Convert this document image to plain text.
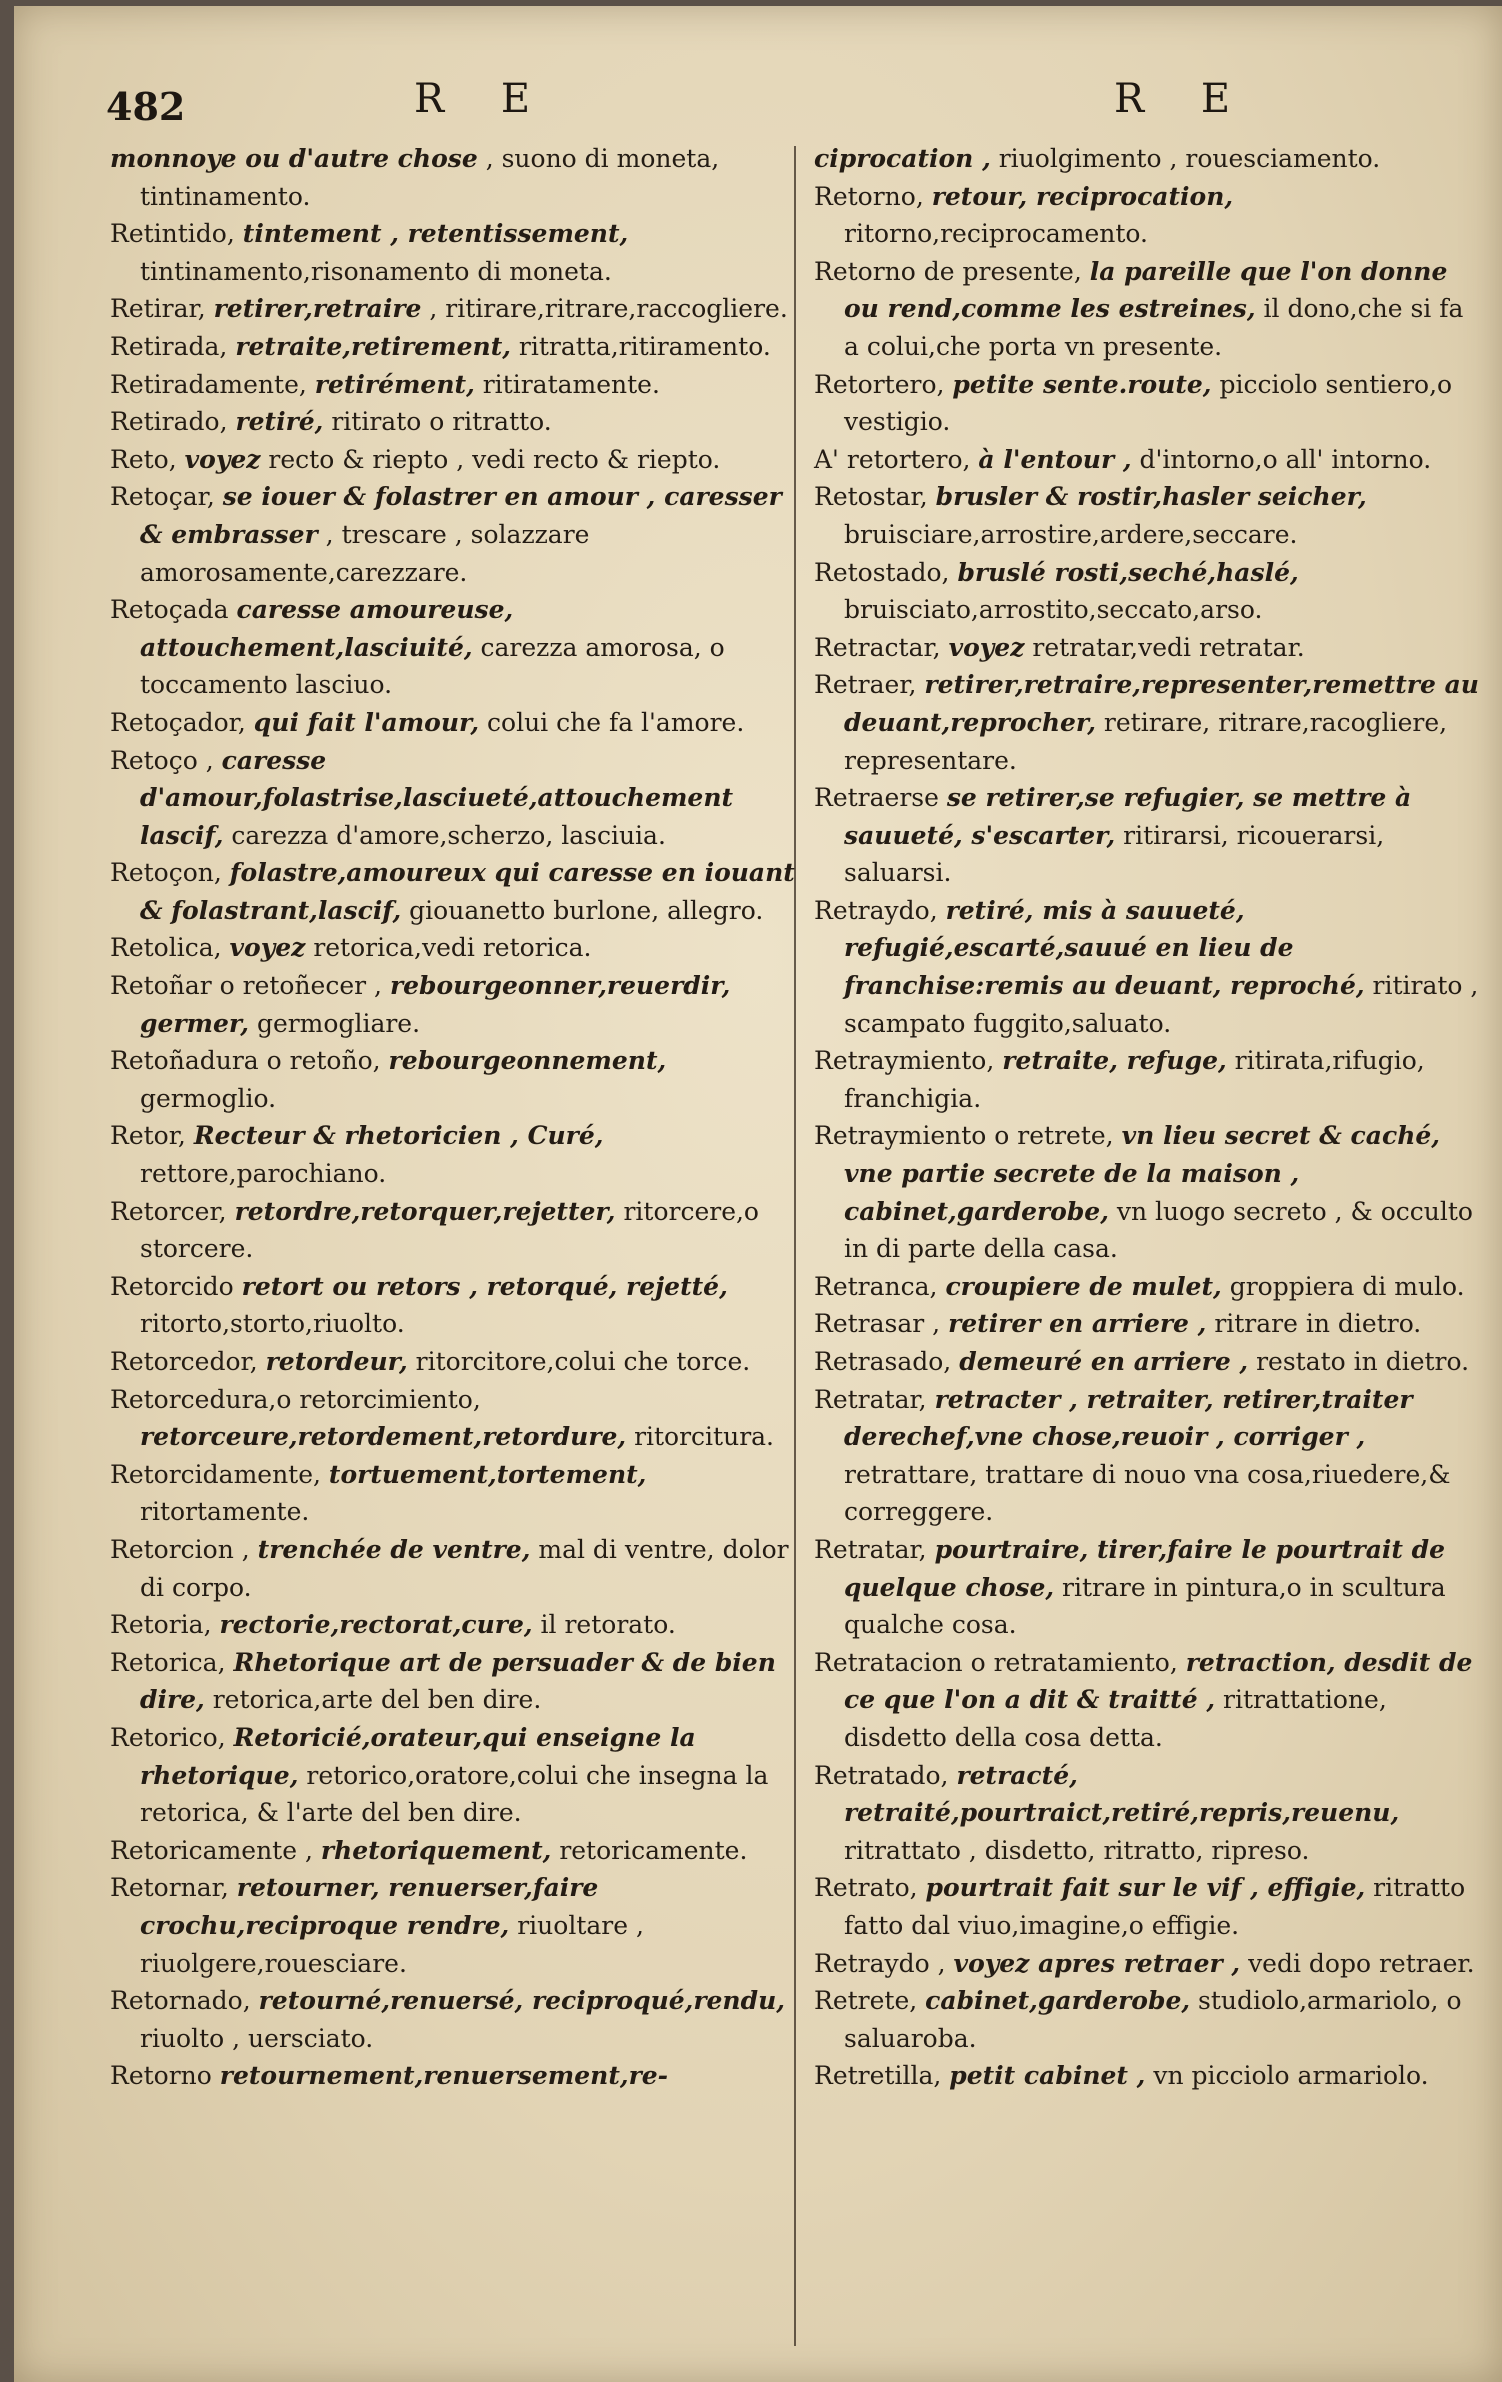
482	R E	R E

monnoye ou d'autre chose , suono di moneta, tintinamento.

Retintido, tintement , retentissement, tintinamento,risonamento di moneta.

Retirar, retirer,retraire , ritirare,ritrare,raccogliere.

Retirada, retraite,retirement, ritratta,ritiramento.

Retiradamente, retirément, ritiratamente.

Retirado, retiré, ritirato o ritratto.

Reto, voyez recto & riepto , vedi recto & riepto.

Retoçar, se iouer & folastrer en amour , caresser & embrasser , trescare , solazzare amorosamente,carezzare.

Retoçada caresse amoureuse, attouchement,lasciuité, carezza amorosa, o toccamento lasciuo.

Retoçador, qui fait l'amour, colui che fa l'amore.

Retoço , caresse d'amour,folastrise,lasciueté,attouchement lascif, carezza d'amore,scherzo, lasciuia.

Retoçon, folastre,amoureux qui caresse en iouant & folastrant,lascif, giouanetto burlone, allegro.

Retolica, voyez retorica,vedi retorica.

Retoñar o retoñecer , rebourgeonner,reuerdir, germer, germogliare.

Retoñadura o retoño, rebourgeonnement, germoglio.

Retor, Recteur & rhetoricien , Curé, rettore,parochiano.

Retorcer, retordre,retorquer,rejetter, ritorcere,o storcere.

Retorcido retort ou retors , retorqué, rejetté, ritorto,storto,riuolto.

Retorcedor, retordeur, ritorcitore,colui che torce.

Retorcedura,o retorcimiento, retorceure,retordement,retordure, ritorcitura.

Retorcidamente, tortuement,tortement, ritortamente.

Retorcion , trenchée de ventre, mal di ventre, dolor di corpo.

Retoria, rectorie,rectorat,cure, il retorato.

Retorica, Rhetorique art de persuader & de bien dire, retorica,arte del ben dire.

Retorico, Retoricié,orateur,qui enseigne la rhetorique, retorico,oratore,colui che insegna la retorica, & l'arte del ben dire.

Retoricamente , rhetoriquement, retoricamente.

Retornar, retourner, renuerser,faire crochu,reciproque rendre, riuoltare , riuolgere,rouesciare.

Retornado, retourné,renuersé, reciproqué,rendu, riuolto , uersciato.

Retorno retournement,renuersement,re-

ciprocation , riuolgimento , rouesciamento.

Retorno, retour, reciprocation, ritorno,reciprocamento.

Retorno de presente, la pareille que l'on donne ou rend,comme les estreines, il dono,che si fa a colui,che porta vn presente.

Retortero, petite sente.route, picciolo sentiero,o vestigio.

A' retortero, à l'entour , d'intorno,o all' intorno.

Retostar, brusler & rostir,hasler seicher, bruisciare,arrostire,ardere,seccare.

Retostado, bruslé rosti,seché,haslé, bruisciato,arrostito,seccato,arso.

Retractar, voyez retratar,vedi retratar.

Retraer, retirer,retraire,representer,remettre au deuant,reprocher, retirare, ritrare,racogliere, representare.

Retraerse se retirer,se refugier, se mettre à sauueté, s'escarter, ritirarsi, ricouerarsi, saluarsi.

Retraydo, retiré, mis à sauueté, refugié,escarté,sauué en lieu de franchise:remis au deuant, reproché, ritirato , scampato fuggito,saluato.

Retraymiento, retraite, refuge, ritirata,rifugio, franchigia.

Retraymiento o retrete, vn lieu secret & caché, vne partie secrete de la maison , cabinet,garderobe, vn luogo secreto , & occulto in di parte della casa.

Retranca, croupiere de mulet, groppiera di mulo.

Retrasar , retirer en arriere , ritrare in dietro.

Retrasado, demeuré en arriere , restato in dietro.

Retratar, retracter , retraiter, retirer,traiter derechef,vne chose,reuoir , corriger , retrattare, trattare di nouo vna cosa,riuedere,& correggere.

Retratar, pourtraire, tirer,faire le pourtrait de quelque chose, ritrare in pintura,o in scultura qualche cosa.

Retratacion o retratamiento, retraction, desdit de ce que l'on a dit & traitté , ritrattatione, disdetto della cosa detta.

Retratado, retracté, retraité,pourtraict,retiré,repris,reuenu, ritrattato , disdetto, ritratto, ripreso.

Retrato, pourtrait fait sur le vif , effigie, ritratto fatto dal viuo,imagine,o effigie.

Retraydo , voyez apres retraer , vedi dopo retraer.

Retrete, cabinet,garderobe, studiolo,armariolo, o saluaroba.

Retretilla, petit cabinet , vn picciolo armariolo.
